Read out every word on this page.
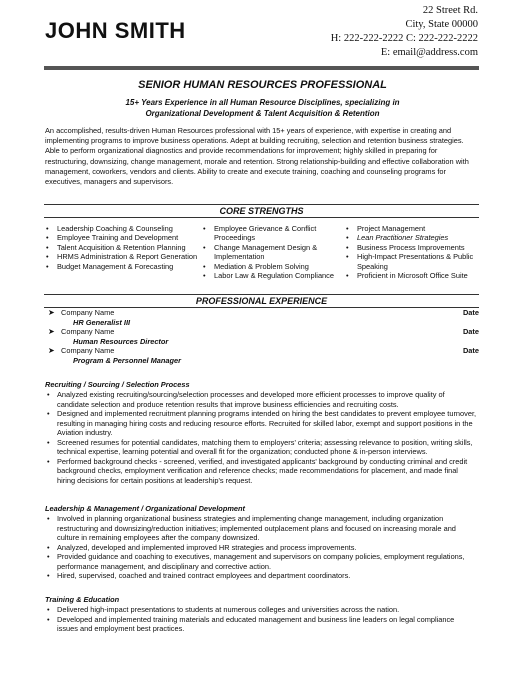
JOHN SMITH
22 Street Rd.
City, State 00000
H: 222-222-2222 C: 222-222-2222
E: email@address.com
SENIOR HUMAN RESOURCES PROFESSIONAL
15+ Years Experience in all Human Resource Disciplines, specializing in
Organizational Development & Talent Acquisition & Retention
An accomplished, results-driven Human Resources professional with 15+ years of experience, with expertise in creating and implementing programs to improve business operations. Adept at building recruiting, selection and retention business strategies. Able to perform organizational diagnostics and provide recommendations for improvement; highly skilled in preparing for restructuring, downsizing, change management, morale and retention. Strong relationship-building and effective collaboration with management, coworkers, vendors and clients. Ability to create and execute training, coaching and counseling programs for executives, managers and supervisors.
CORE STRENGTHS
• Leadership Coaching & Counseling
• Employee Training and Development
• Talent Acquisition & Retention Planning
• HRMS Administration & Report Generation
• Budget Management & Forecasting
• Employee Grievance & Conflict Proceedings
• Change Management Design & Implementation
• Mediation & Problem Solving
• Labor Law & Regulation Compliance
• Project Management
• Lean Practitioner Strategies
• Business Process Improvements
• High-Impact Presentations & Public Speaking
• Proficient in Microsoft Office Suite
PROFESSIONAL EXPERIENCE
➤ Company Name	Date
HR Generalist III
➤ Company Name	Date
Human Resources Director
➤ Company Name	Date
Program & Personnel Manager
Recruiting / Sourcing / Selection Process
• Analyzed existing recruiting/sourcing/selection processes and developed more efficient processes to improve quality of candidate selection and produce retention results that improve business efficiencies and recruiting costs.
• Designed and implemented recruitment planning programs intended on hiring the best candidates to prevent employee turnover, resulting in managing hiring costs and reducing resource efforts. Recruited for skilled labor, exempt and support positions in the Aviation industry.
• Screened resumes for potential candidates, matching them to employers' criteria; assessing relevance to position, writing skills, technical expertise, learning potential and overall fit for the organization; conducted phone & in-person interviews.
• Performed background checks - screened, verified, and investigated applicants' background by conducting criminal and credit background checks, employment verification and reference checks; made recommendations for placement, and made final hiring decisions for certain positions at leadership's request.
Leadership & Management / Organizational Development
• Involved in planning organizational business strategies and implementing change management, including organization restructuring and downsizing/reduction initiatives; implemented outplacement plans and focused on increasing morale and culture in remaining employees after the company downsized.
• Analyzed, developed and implemented improved HR strategies and process improvements.
• Provided guidance and coaching to executives, management and supervisors on company policies, employment regulations, performance management, and disciplinary and corrective action.
• Hired, supervised, coached and trained contract employees and department coordinators.
Training & Education
• Delivered high-impact presentations to students at numerous colleges and universities across the nation.
• Developed and implemented training materials and educated management and business line leaders on legal compliance issues and employment best practices.
